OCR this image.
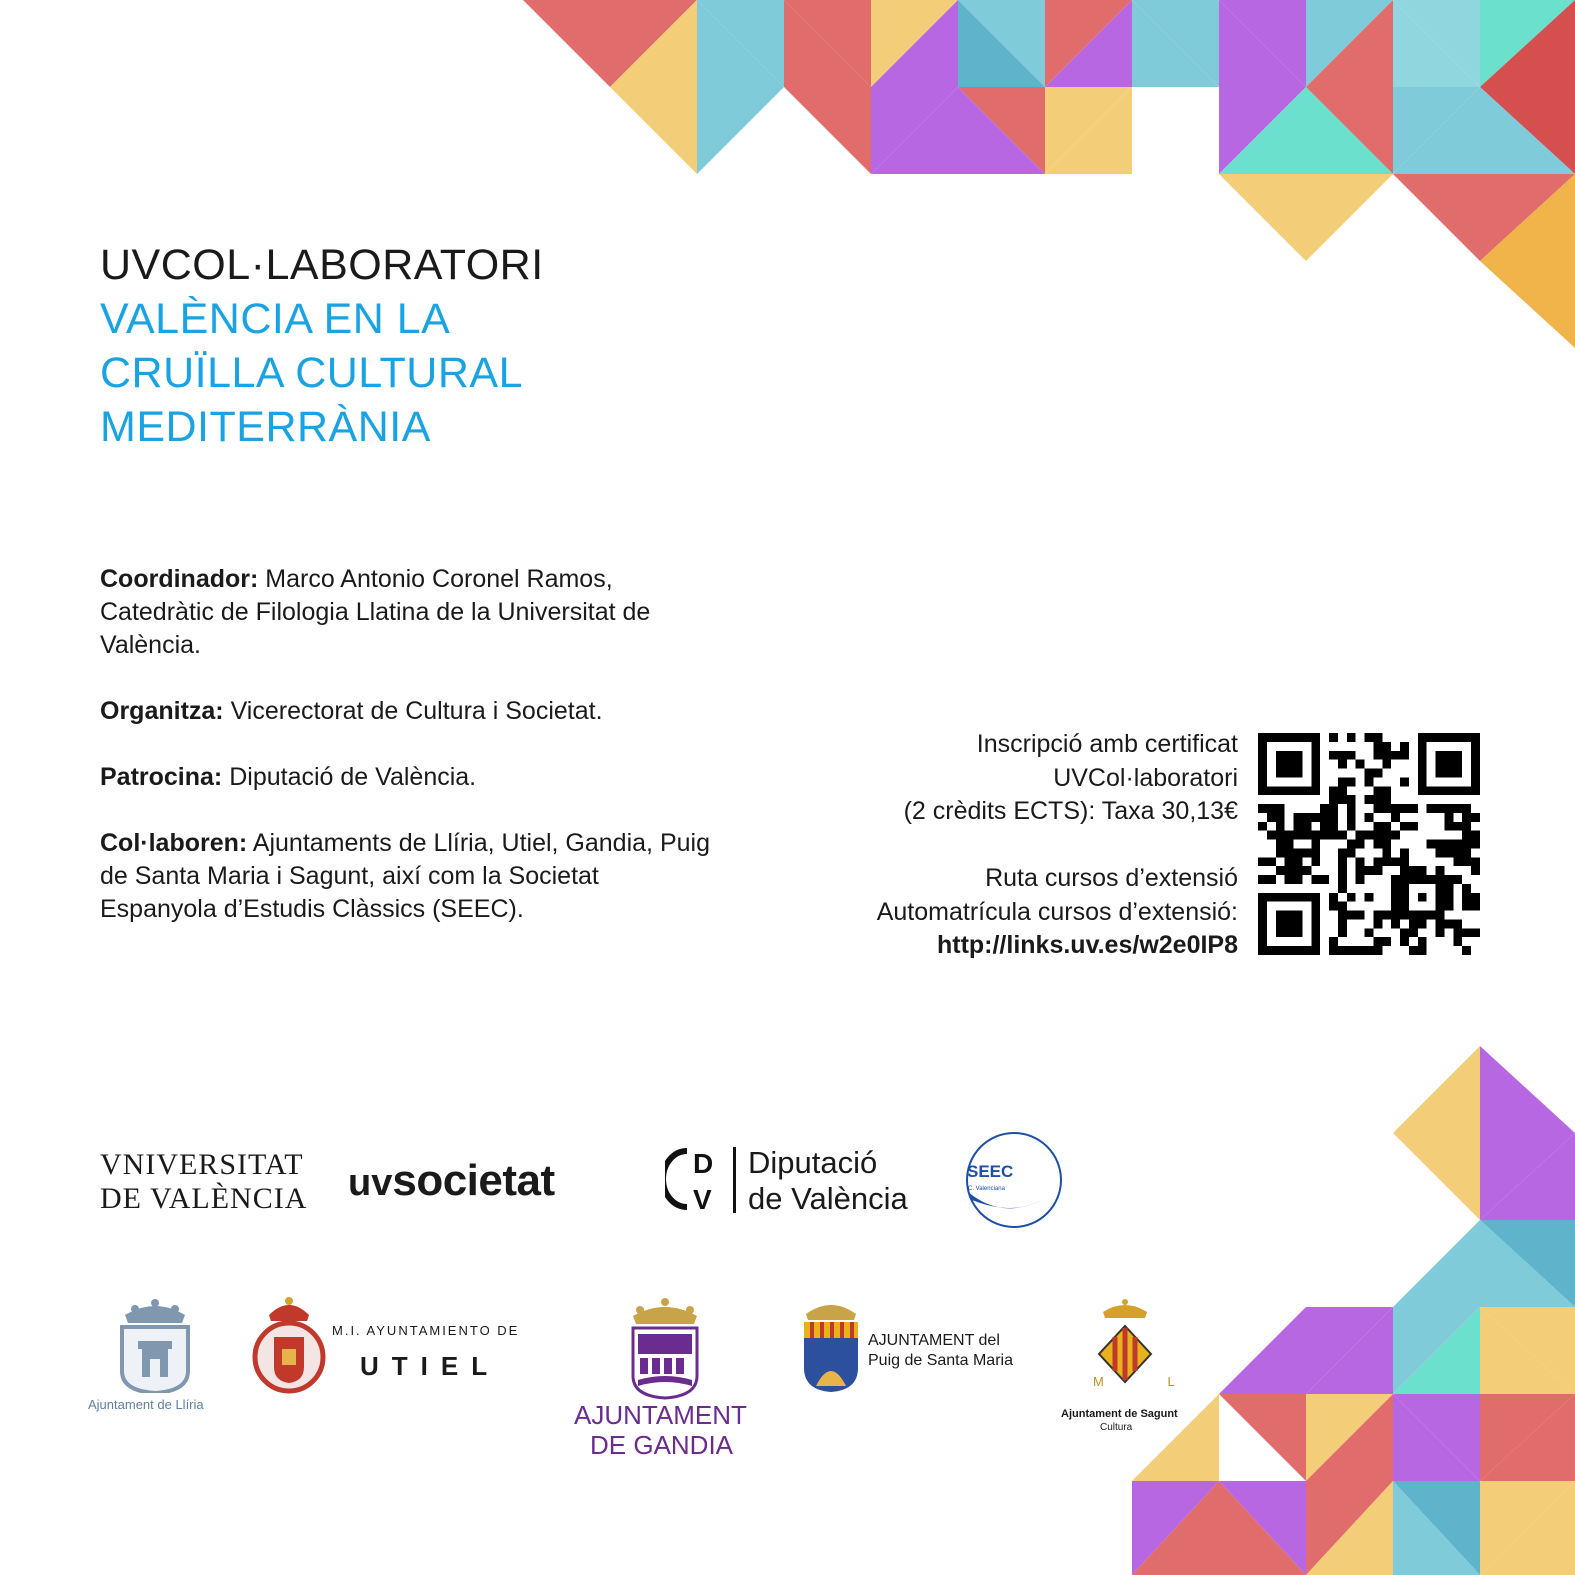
UVCOL·LABORATORI
VALÈNCIA EN LA
CRUÏLLA CULTURAL
MEDITERRÀNIA

Coordinador: Marco Antonio Coronel Ramos, Catedràtic de Filologia Llatina de la Universitat de València.

Organitza: Vicerectorat de Cultura i Societat.

Patrocina: Diputació de València.

Col·laboren: Ajuntaments de Llíria, Utiel, Gandia, Puig de Santa Maria i Sagunt, així com la Societat Espanyola d’Estudis Clàssics (SEEC).

Inscripció amb certificat
UVCol·laboratori
(2 crèdits ECTS): Taxa 30,13€
Ruta cursos d’extensió
Automatrícula cursos d’extensió:
http://links.uv.es/w2e0IP8
VNIVERSITAT
DE VALÈNCIA uvsocietat	D
V
Diputació
de València
SEEC
C. Valenciana
Ajuntament de Llíria
M.I. AYUNTAMIENTO DE
UTIEL
AJUNTAMENT
DE GANDIA
AJUNTAMENT del
Puig de Santa Maria
M L
Ajuntament de Sagunt
Cultura
